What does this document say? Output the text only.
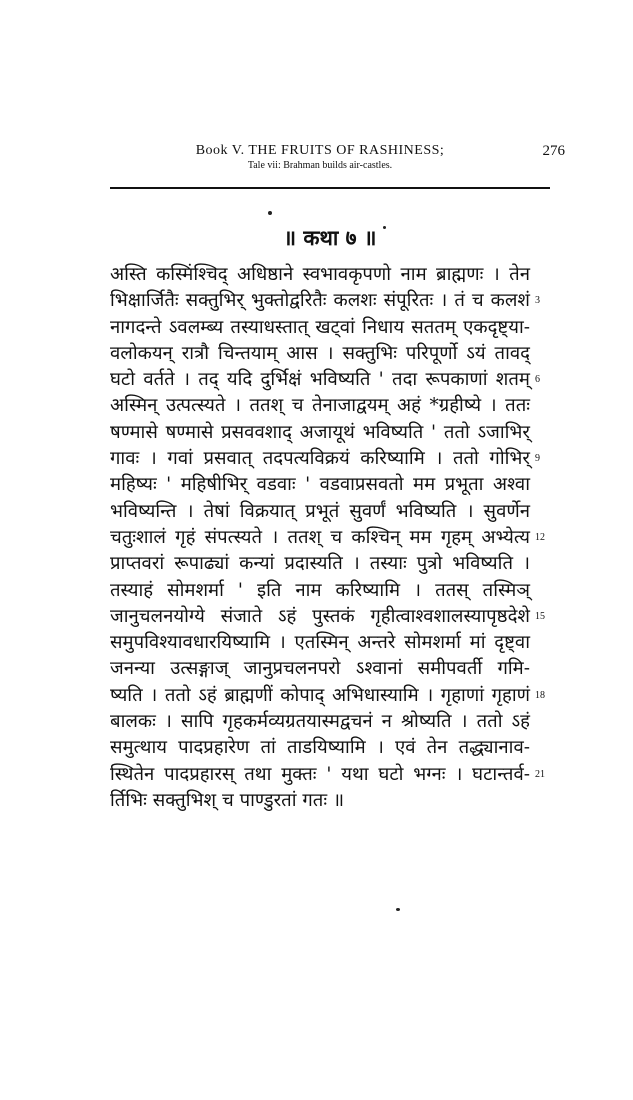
Book V. THE FRUITS OF RASHINESS;
Tale vii: Brahman builds air-castles.
276
॥ कथा ७ ॥
अस्ति कस्मिंश्चिद् अधिष्ठाने स्वभावकृपणो नाम ब्राह्मणः । तेन
भिक्षार्जितैः सक्तुभिर् भुक्तोद्वरितैः कलशः संपूरितः । तं च कलशं 3
नागदन्ते ऽवलम्ब्य तस्याधस्तात् खट्वां निधाय सततम् एकदृष्ट्या-
वलोकयन् रात्रौ चिन्तयाम् आस । सक्तुभिः परिपूर्णो ऽयं तावद्
घटो वर्तते । तद् यदि दुर्भिक्षं भविष्यति ' तदा रूपकाणां शतम् 6
अस्मिन् उत्पत्स्यते । ततश् च तेनाजाद्वयम् अहं *ग्रहीष्ये । ततः
षण्मासे षण्मासे प्रसववशाद् अजायूथं भविष्यति ' ततो ऽजाभिर्
गावः । गवां प्रसवात् तदपत्यविक्रयं करिष्यामि । ततो गोभिर् 9
महिष्यः ' महिषीभिर् वडवाः ' वडवाप्रसवतो मम प्रभूता अश्वा
भविष्यन्ति । तेषां विक्रयात् प्रभूतं सुवर्णं भविष्यति । सुवर्णेन
चतुःशालं गृहं संपत्स्यते । ततश् च कश्चिन् मम गृहम् अभ्येत्य 12
प्राप्तवरां रूपाढ्यां कन्यां प्रदास्यति । तस्याः पुत्रो भविष्यति ।
तस्याहं सोमशर्मा ' इति नाम करिष्यामि । ततस् तस्मिञ्
जानुचलनयोग्ये संजाते ऽहं पुस्तकं गृहीत्वाश्वशालस्यापृष्ठदेशे 15
समुपविश्यावधारयिष्यामि । एतस्मिन् अन्तरे सोमशर्मा मां दृष्ट्वा
जनन्या उत्सङ्गाज् जानुप्रचलनपरो ऽश्वानां समीपवर्ती गमि-
ष्यति । ततो ऽहं ब्राह्मणीं कोपाद् अभिधास्यामि । गृहाणां गृहाणं 18
बालकः । सापि गृहकर्मव्यग्रतयास्मद्वचनं न श्रोष्यति । ततो ऽहं
समुत्थाय पादप्रहारेण तां ताडयिष्यामि । एवं तेन तद्ध्यानाव-
स्थितेन पादप्रहारस् तथा मुक्तः ' यथा घटो भग्नः । घटान्तर्व- 21
र्तिभिः सक्तुभिश् च पाण्डुरतां गतः ॥
